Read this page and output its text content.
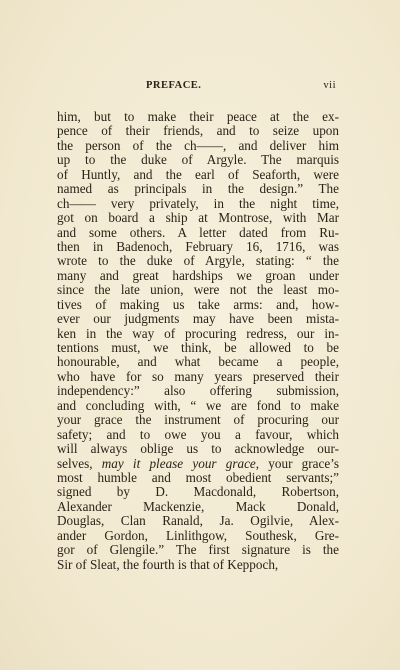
PREFACE.	vii
him, but to make their peace at the ex-
pence of their friends, and to seize upon
the person of the ch——, and deliver him
up to the duke of Argyle. The marquis
of Huntly, and the earl of Seaforth, were
named as principals in the design.” The
ch—— very privately, in the night time,
got on board a ship at Montrose, with Mar
and some others. A letter dated from Ru-
then in Badenoch, February 16, 1716, was
wrote to the duke of Argyle, stating: “ the
many and great hardships we groan under
since the late union, were not the least mo-
tives of making us take arms: and, how-
ever our judgments may have been mista-
ken in the way of procuring redress, our in-
tentions must, we think, be allowed to be
honourable, and what became a people,
who have for so many years preserved their
independency:” also offering submission,
and concluding with, “ we are fond to make
your grace the instrument of procuring our
safety; and to owe you a favour, which
will always oblige us to acknowledge our-
selves, may it please your grace, your grace’s
most humble and most obedient servants;”
signed by D. Macdonald, Robertson,
Alexander Mackenzie, Mack Donald,
Douglas, Clan Ranald, Ja. Ogilvie, Alex-
ander Gordon, Linlithgow, Southesk, Gre-
gor of Glengile.” The first signature is the
Sir of Sleat, the fourth is that of Keppoch,
